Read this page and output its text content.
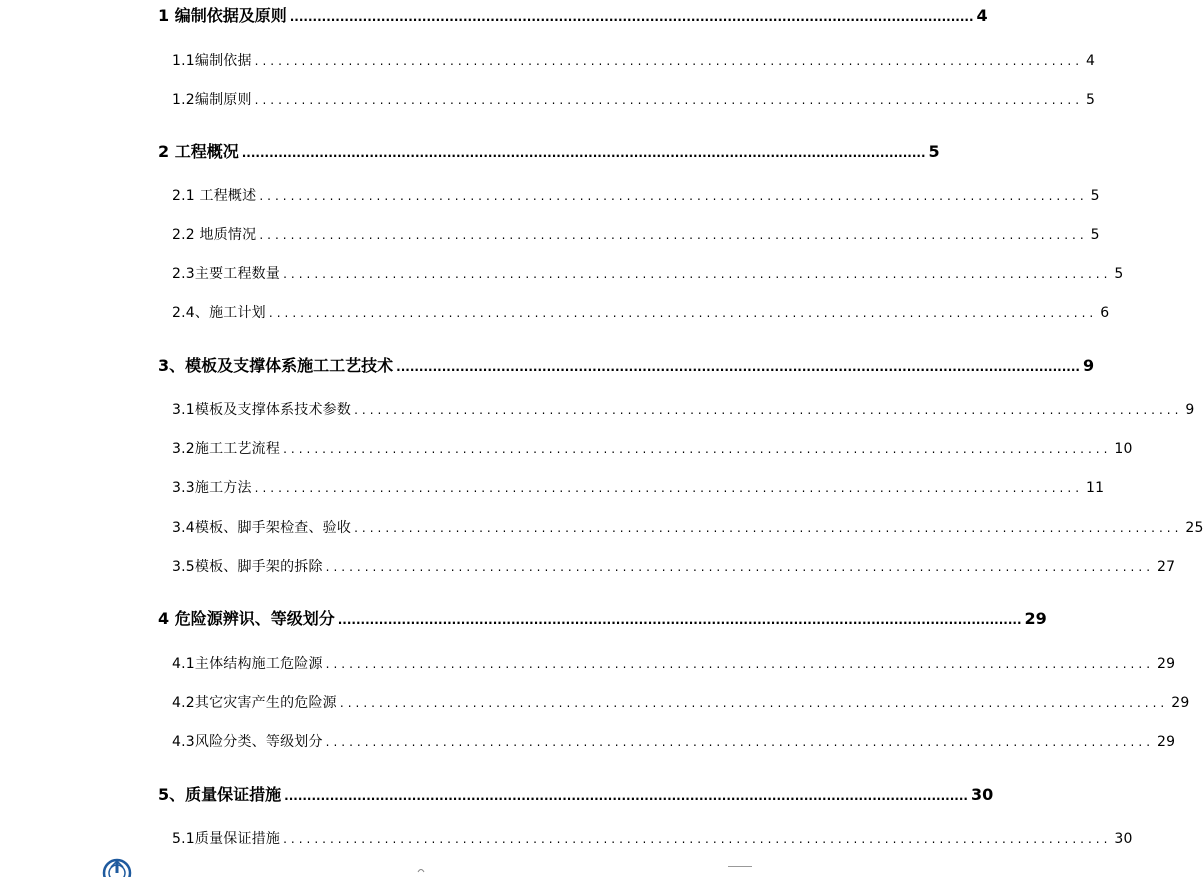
1 编制依据及原则 ...................................................................................................................................................... 4
1.1编制依据 .......................................................................................................... 4
1.2编制原则 .......................................................................................................... 5
2 工程概况 ...................................................................................................................................................... 5
2.1 工程概述 .......................................................................................................... 5
2.2 地质情况 .......................................................................................................... 5
2.3主要工程数量 .......................................................................................................... 5
2.4、施工计划 .......................................................................................................... 6
3、模板及支撑体系施工工艺技术 ...................................................................................................................................................... 9
3.1模板及支撑体系技术参数 .......................................................................................................... 9
3.2施工工艺流程 .......................................................................................................... 10
3.3施工方法 .......................................................................................................... 11
3.4模板、脚手架检查、验收 .......................................................................................................... 25
3.5模板、脚手架的拆除 .......................................................................................................... 27
4 危险源辨识、等级划分 ...................................................................................................................................................... 29
4.1主体结构施工危险源 .......................................................................................................... 29
4.2其它灾害产生的危险源 .......................................................................................................... 29
4.3风险分类、等级划分 .......................................................................................................... 29
5、质量保证措施 ...................................................................................................................................................... 30
5.1质量保证措施 .......................................................................................................... 30
